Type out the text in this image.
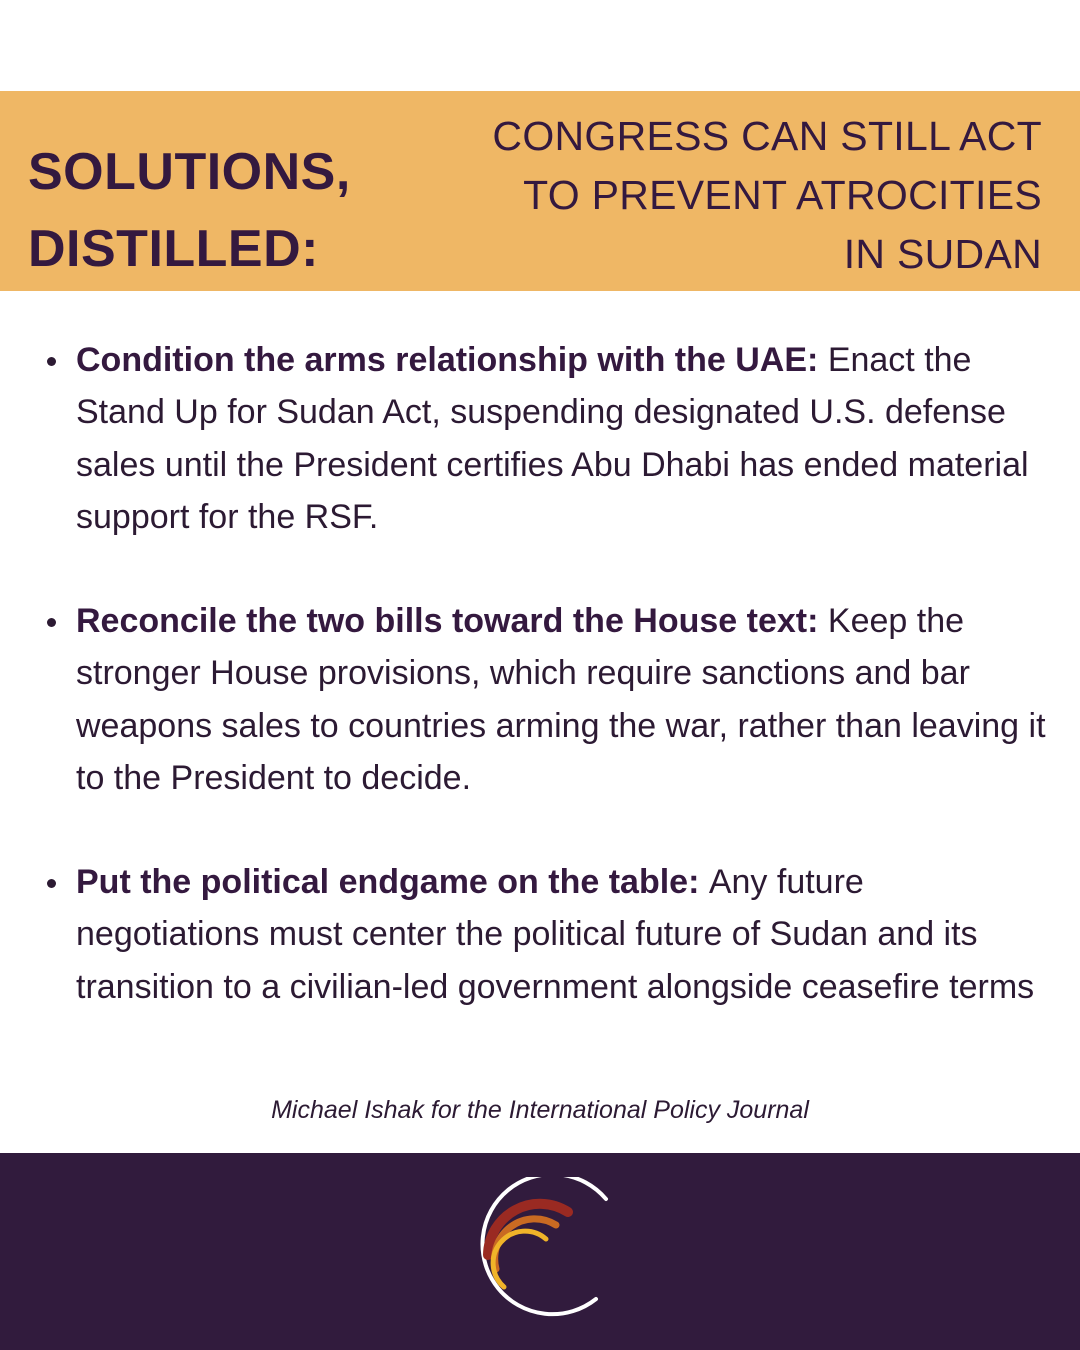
SOLUTIONS,
DISTILLED:
CONGRESS CAN STILL ACT
TO PREVENT ATROCITIES
IN SUDAN
Condition the arms relationship with the UAE: Enact the Stand Up for Sudan Act, suspending designated U.S. defense sales until the President certifies Abu Dhabi has ended material support for the RSF.
Reconcile the two bills toward the House text: Keep the stronger House provisions, which require sanctions and bar weapons sales to countries arming the war, rather than leaving it to the President to decide.
Put the political endgame on the table: Any future negotiations must center the political future of Sudan and its transition to a civilian-led government alongside ceasefire terms
Michael Ishak for the International Policy Journal
